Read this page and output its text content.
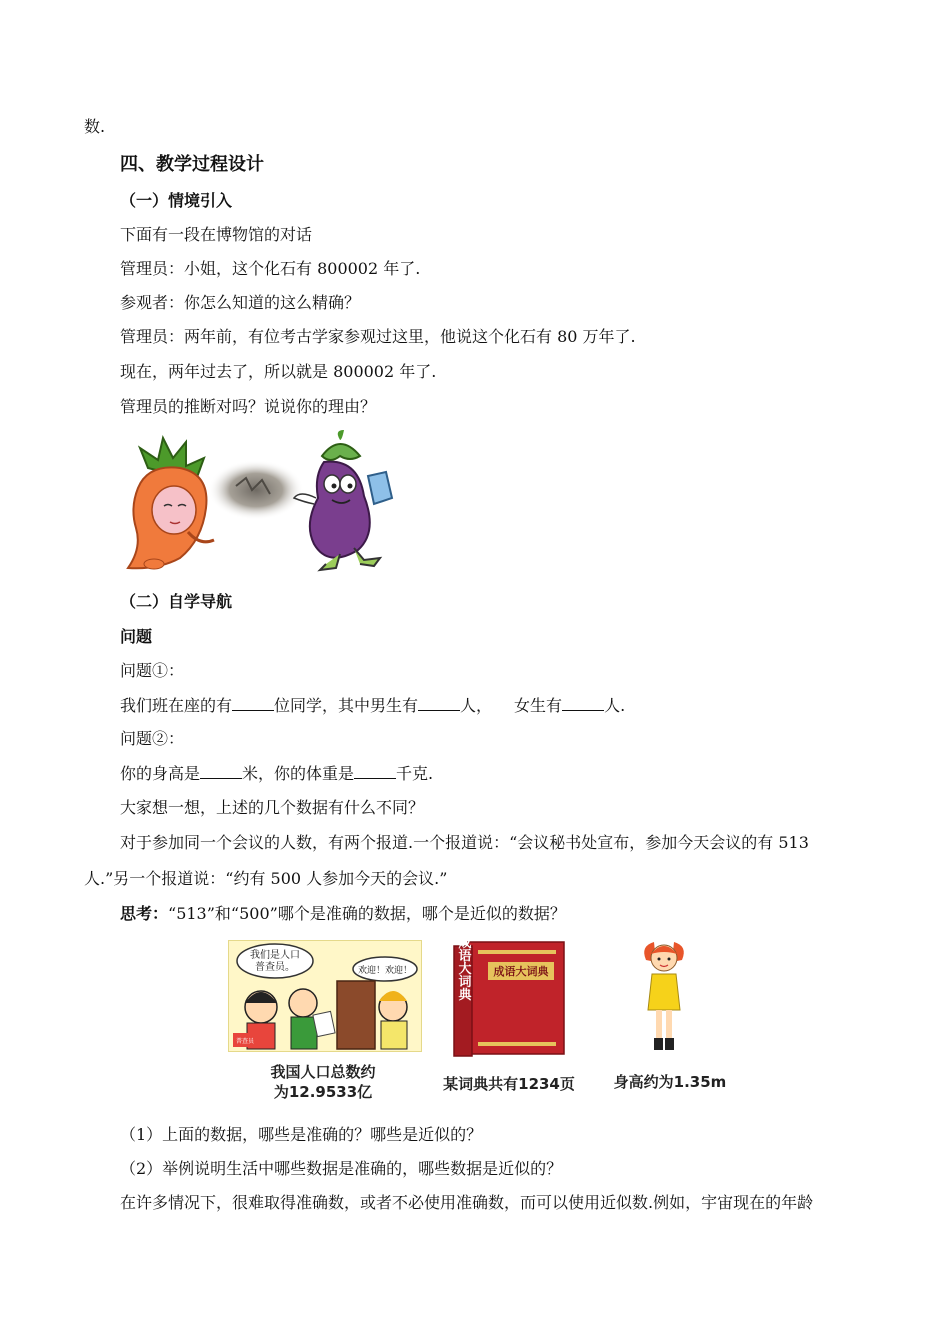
数.
四、教学过程设计
（一）情境引入
下面有一段在博物馆的对话
管理员：小姐，这个化石有 800002 年了.
参观者：你怎么知道的这么精确？
管理员：两年前，有位考古学家参观过这里，他说这个化石有 80 万年了.
现在，两年过去了，所以就是 800002 年了.
管理员的推断对吗？说说你的理由？
（二）自学导航
问题
问题①：
我们班在座的有	位同学，其中男生有	人， 女生有	人.
问题②：
你的身高是	米，你的体重是	千克.
大家想一想，上述的几个数据有什么不同？
对于参加同一个会议的人数，有两个报道.一个报道说：“会议秘书处宣布，参加今天会议的有 513
人.”另一个报道说：“约有 500 人参加今天的会议.”
思考：“513”和“500”哪个是准确的数据，哪个是近似的数据？
我们是人口
普查员。	欢迎！欢迎！
普查员
我国人口总数约
为12.9533亿
成语大词典
成语大词典
某词典共有1234页	身高约为1.35m
（1）上面的数据，哪些是准确的？哪些是近似的？
（2）举例说明生活中哪些数据是准确的，哪些数据是近似的？
在许多情况下，很难取得准确数，或者不必使用准确数，而可以使用近似数.例如，宇宙现在的年龄
